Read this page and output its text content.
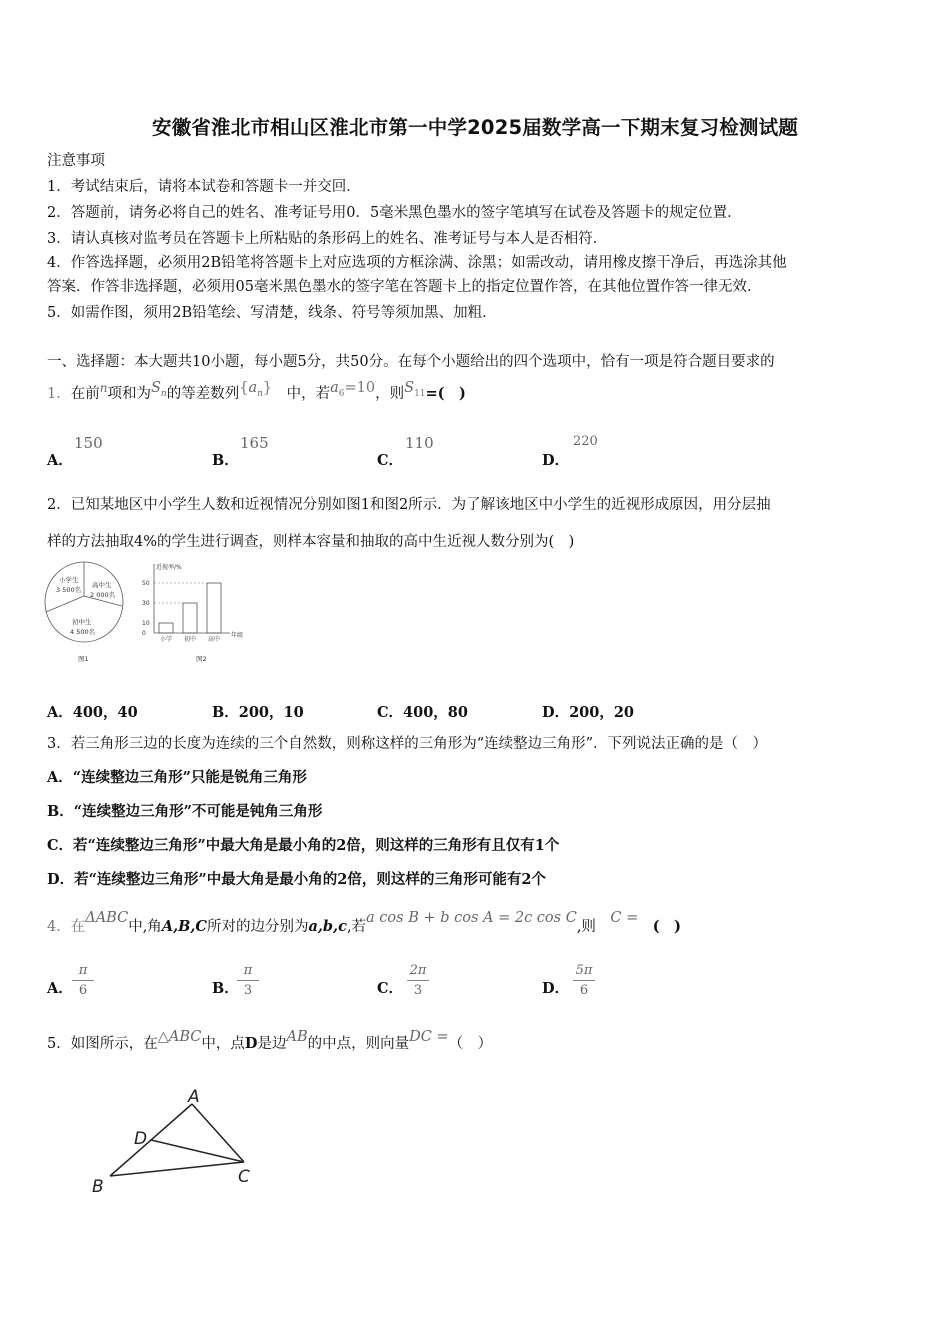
安徽省淮北市相山区淮北市第一中学2025届数学高一下期末复习检测试题
注意事项
1．考试结束后，请将本试卷和答题卡一并交回．
2．答题前，请务必将自己的姓名、准考证号用0．5毫米黑色墨水的签字笔填写在试卷及答题卡的规定位置．
3．请认真核对监考员在答题卡上所粘贴的条形码上的姓名、准考证号与本人是否相符．
4．作答选择题，必须用2B铅笔将答题卡上对应选项的方框涂满、涂黑；如需改动，请用橡皮擦干净后，再选涂其他
答案．作答非选择题，必须用05毫米黑色墨水的签字笔在答题卡上的指定位置作答，在其他位置作答一律无效．
5．如需作图，须用2B铅笔绘、写清楚，线条、符号等须加黑、加粗．
一、选择题：本大题共10小题，每小题5分，共50分。在每个小题给出的四个选项中，恰有一项是符合题目要求的
1．在前$^n$项和为$S_n$的等差数列$\{a_n\}$　 中，若$a_6=10$，则$S_{11}=$(　)
A．
150
B．
165
C．
110
D．
220
2．已知某地区中小学生人数和近视情况分别如图1和图2所示．为了解该地区中小学生的近视形成原因，用分层抽
样的方法抽取4%的学生进行调查，则样本容量和抽取的高中生近视人数分别为(　)
小学生
3 500名
高中生
2 000名
初中生
4 500名
图1
近视率/%
年级
0
10
30
50
小学 初中 高中
图2
A．400，40	B．200，10	C．400，80	D．200，20
3．若三角形三边的长度为连续的三个自然数，则称这样的三角形为“连续整边三角形”．下列说法正确的是（　）
A．“连续整边三角形”只能是锐角三角形
B．“连续整边三角形”不可能是钝角三角形
C．若“连续整边三角形”中最大角是最小角的2倍，则这样的三角形有且仅有1个
D．若“连续整边三角形”中最大角是最小角的2倍，则这样的三角形可能有2个
4．在ΔABC中,角A,B,C所对的边分别为a,b,c,若a cos B + b cos A = 2c cos C,则　C =　 (　)
A． $\frac{\pi}{6}$	B．
$\frac{\pi}{3}$	C． $\frac{2\pi}{3}$	D． $\frac{5\pi}{6}$
5．如图所示，在△ABC中，点D是边AB的中点，则向量DC =（　）
A
D
B	C
